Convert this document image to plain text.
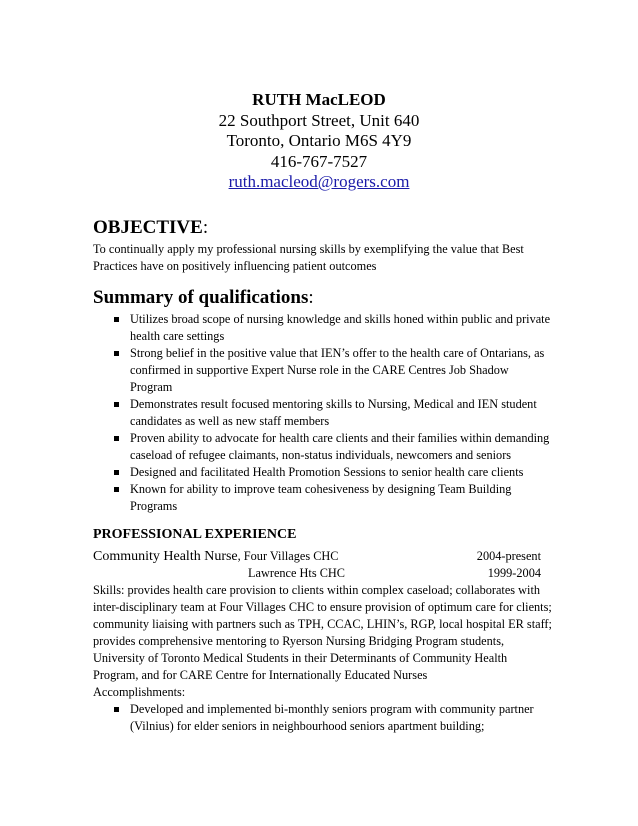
RUTH MacLEOD
22 Southport Street, Unit 640
Toronto, Ontario M6S 4Y9
416-767-7527
ruth.macleod@rogers.com
OBJECTIVE:

To continually apply my professional nursing skills by exemplifying the value that Best Practices have on positively influencing patient outcomes

Summary of qualifications:
Utilizes broad scope of nursing knowledge and skills honed within public and private health care settings
Strong belief in the positive value that IEN’s offer to the health care of Ontarians, as confirmed in supportive Expert Nurse role in the CARE Centres Job Shadow Program
Demonstrates result focused mentoring skills to Nursing, Medical and IEN student candidates as well as new staff members
Proven ability to advocate for health care clients and their families within demanding caseload of refugee claimants, non-status individuals, newcomers and seniors
Designed and facilitated Health Promotion Sessions to senior health care clients
Known for ability to improve team cohesiveness by designing Team Building Programs
PROFESSIONAL EXPERIENCE
Community Health Nurse, Four Villages CHC	2004-present
Lawrence Hts CHC	1999-2004

Skills: provides health care provision to clients within complex caseload; collaborates with inter-disciplinary team at Four Villages CHC to ensure provision of optimum care for clients; community liaising with partners such as TPH, CCAC, LHIN’s, RGP, local hospital ER staff; provides comprehensive mentoring to Ryerson Nursing Bridging Program students, University of Toronto Medical Students in their Determinants of Community Health Program, and for CARE Centre for Internationally Educated Nurses

Accomplishments:

Developed and implemented bi-monthly seniors program with community partner (Vilnius) for elder seniors in neighbourhood seniors apartment building;
